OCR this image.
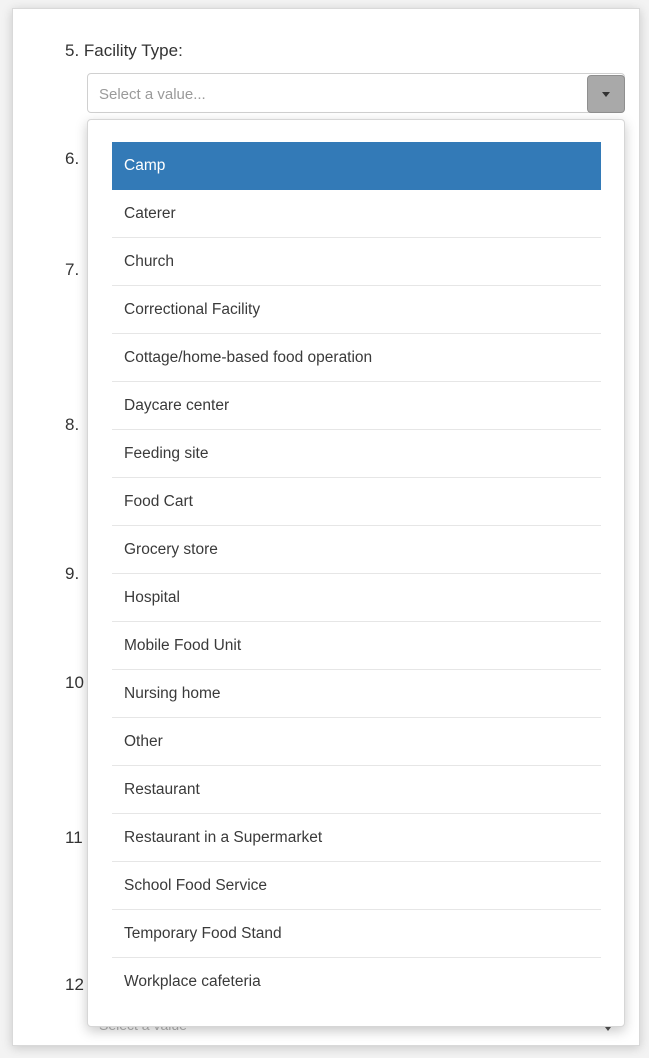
5. Facility Type:
Select a value...
6.
7.
8.
9.
10
11
12
Camp
Caterer
Church
Correctional Facility
Cottage/home-based food operation
Daycare center
Feeding site
Food Cart
Grocery store
Hospital
Mobile Food Unit
Nursing home
Other
Restaurant
Restaurant in a Supermarket
School Food Service
Temporary Food Stand
Workplace cafeteria
